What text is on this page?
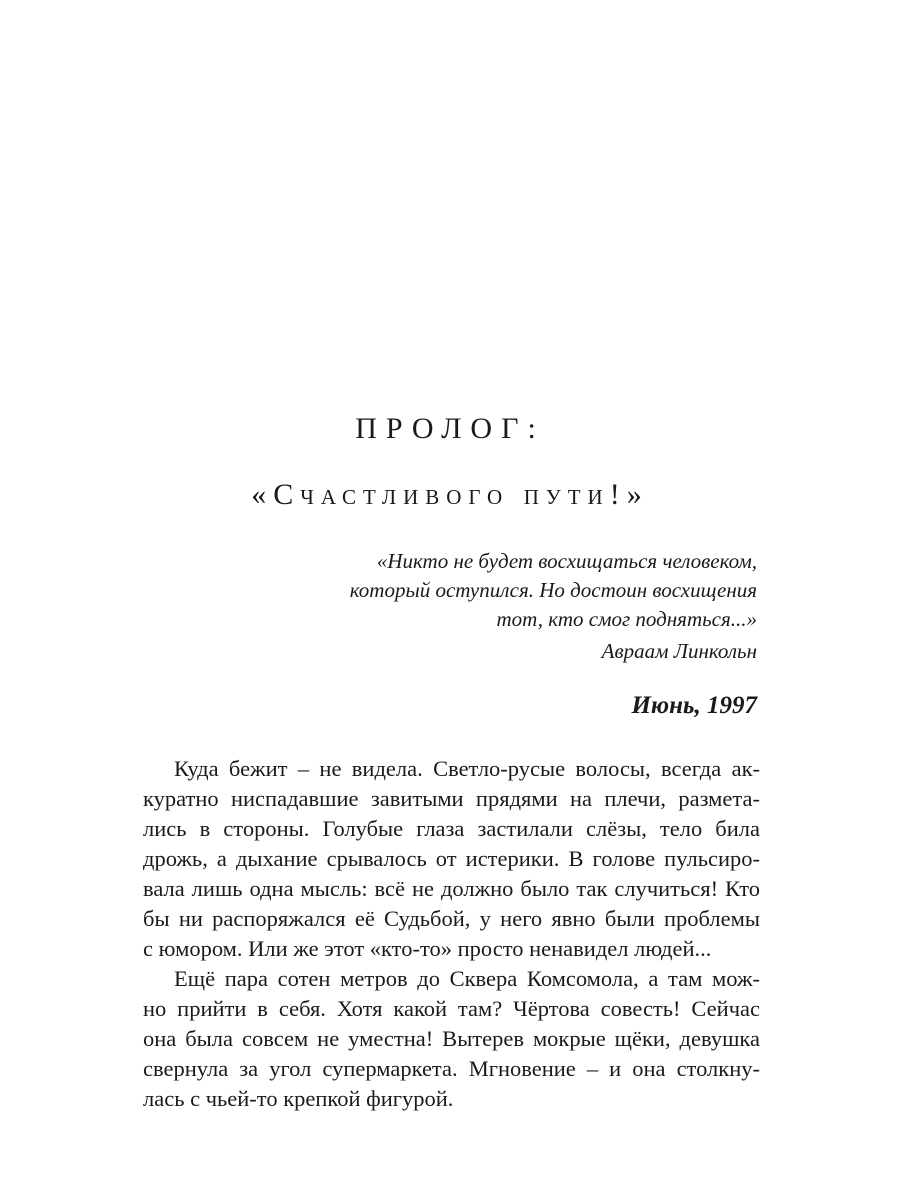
ПРОЛОГ:
«Счастливого пути!»
«Никто не будет восхищаться человеком,
который оступился. Но достоин восхищения
тот, кто смог подняться...»
Авраам Линкольн
Июнь, 1997

Куда бежит – не видела. Светло-русые волосы, всегда ак-
куратно ниспадавшие завитыми прядями на плечи, размета-
лись в стороны. Голубые глаза застилали слёзы, тело била
дрожь, а дыхание срывалось от истерики. В голове пульсиро-
вала лишь одна мысль: всё не должно было так случиться! Кто
бы ни распоряжался её Судьбой, у него явно были проблемы
с юмором. Или же этот «кто-то» просто ненавидел людей...

Ещё пара сотен метров до Сквера Комсомола, а там мож-
но прийти в себя. Хотя какой там? Чёртова совесть! Сейчас
она была совсем не уместна! Вытерев мокрые щёки, девушка
свернула за угол супермаркета. Мгновение – и она столкну-
лась с чьей-то крепкой фигурой.
